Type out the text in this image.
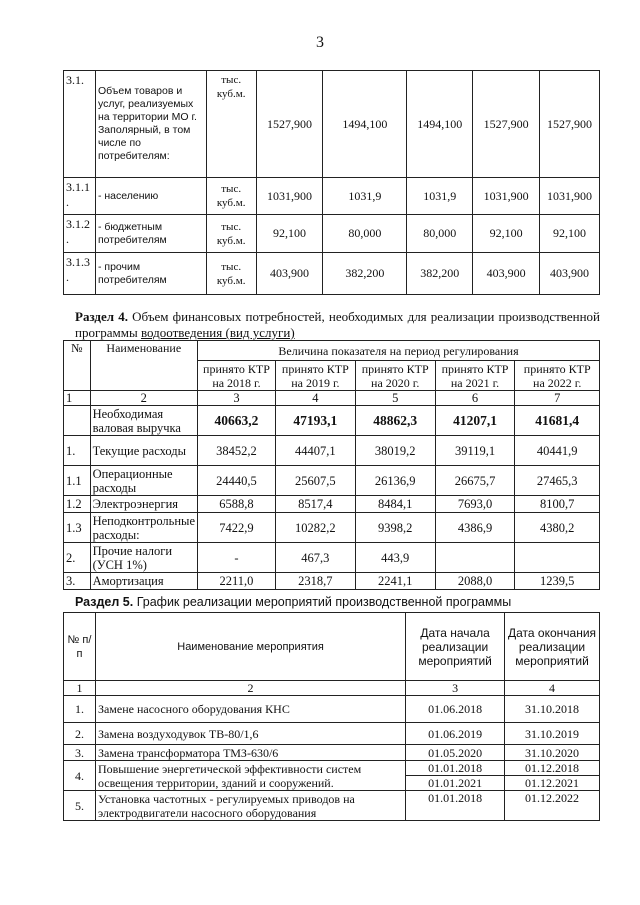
3
3.1.	Объем товаров и услуг, реализуемых на территории МО г. Заполярный, в том числе по потребителям:	тыс. куб.м.	1527,900	1494,100	1494,100	1527,900	1527,900
3.1.1 .	- населению	тыс. куб.м.	1031,900	1031,9	1031,9	1031,900	1031,900
3.1.2 .	- бюджетным потребителям	тыс. куб.м.	92,100	80,000	80,000	92,100	92,100
3.1.3 .	- прочим потребителям	тыс. куб.м.	403,900	382,200	382,200	403,900	403,900
Раздел 4. Объем финансовых потребностей, необходимых для реализации производственной программы водоотведения (вид услуги)
№	Наименование	Величина показателя на период регулирования				
		принято КТР на 2018 г.	принято КТР на 2019 г.	принято КТР на 2020 г.	принято КТР на 2021 г.	принято КТР на 2022 г.
1	2	3	4	5	6	7
	Необходимая валовая выручка	40663,2	47193,1	48862,3	41207,1	41681,4
1.	Текущие расходы	38452,2	44407,1	38019,2	39119,1	40441,9
1.1	Операционные расходы	24440,5	25607,5	26136,9	26675,7	27465,3
1.2	Электроэнергия	6588,8	8517,4	8484,1	7693,0	8100,7
1.3	Неподконтрольные расходы:	7422,9	10282,2	9398,2	4386,9	4380,2
2.	Прочие налоги (УСН 1%)	-	467,3	443,9		
3.	Амортизация	2211,0	2318,7	2241,1	2088,0	1239,5
Раздел 5. График реализации мероприятий производственной программы
№ п/п	Наименование мероприятия	Дата начала реализации мероприятий	Дата окончания реализации мероприятий
1	2	3	4
1.	Замене насосного оборудования КНС	01.06.2018	31.10.2018
2.	Замена воздуходувок ТВ-80/1,6	01.06.2019	31.10.2019
3.	Замена трансформатора ТМЗ-630/6	01.05.2020	31.10.2020
4.	Повышение энергетической эффективности систем освещения территории, зданий и сооружений.	01.01.2018	01.12.2018
		01.01.2021	01.12.2021
5.	Установка частотных - регулируемых приводов на электродвигатели насосного оборудования	01.01.2018	01.12.2022
